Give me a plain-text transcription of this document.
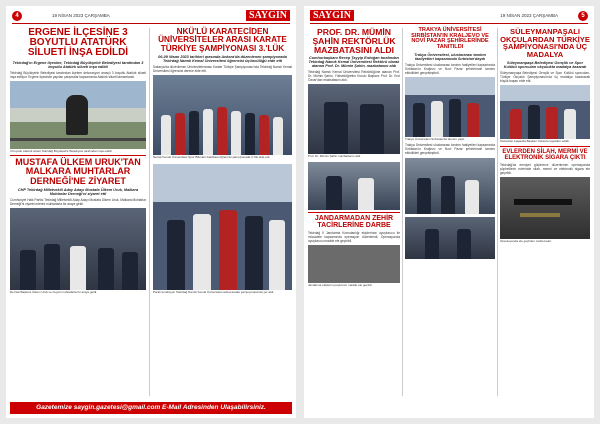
4	19 NİSAN 2023 ÇARŞAMBA	SAYGIN
ERGENE İLÇESİNE 3 BOYUTLU ATATÜRK SİLUETİ İNŞA EDİLDİ
Tekirdağ'ın Ergene ilçesine, Tekirdağ Büyükşehir Belediyesi tarafından 3 boyutlu Atatürk silueti inşa edildi
Tekirdağ Büyükşehir Belediyesi tarafından ilçelere dekorasyon amaçlı 3 boyutlu Atatürk silueti inşa ediliyor. Ergene ilçesinde yapılan çalışmalar kapsamında Atatürk silueti tamamlandı.
3 boyutlu Atatürk silueti Tekirdağ Büyükşehir Belediyesi tarafından inşa edildi.
MUSTAFA ÜLKEM URUK'TAN MALKARA MUHTARLAR DERNEĞİ'NE ZİYARET
CHP Tekirdağ Milletvekili Aday Adayı Mustafa Ülkem Uruk, Malkara Muhtarlar Derneği'ni ziyaret etti
Cumhuriyet Halk Partisi Tekirdağ Milletvekili Aday Adayı Mustafa Ülkem Uruk, Malkara Muhtarlar Derneği'ni ziyaret ederek muhtarlarla bir araya geldi.
Dernek Başkanı Ülkem Uruk ve heyeti muhtarlarla bir araya geldi.
NKÜ'LÜ KARATECİDEN ÜNİVERSİTELER ARASI KARATE TÜRKİYE ŞAMPİYONASI 3.'LÜK
06-09 Nisan 2023 tarihleri arasında Ankara'da düzenlenen şampiyonada Tekirdağ Namık Kemal Üniversitesi öğrencisi üçüncülüğü elde etti
Sakarya'da düzenlenen Üniversitelerarası Karate Türkiye Şampiyonası'nda Tekirdağ Namık Kemal Üniversitesi öğrencisi derece elde etti.
Namık Kemal Üniversitesi Spor Bilimleri Fakültesi öğrencisi şampiyonada 3.'lük elde etti.
Paralı kondisyon Tekirdağ Namık Kemal Üniversitesi adına karate şampiyonasında yer aldı.
Gazetemize saygin.gazetesi@gmail.com E-Mail Adresinden Ulaşabilirsiniz.
SAYGIN	19 NİSAN 2023 ÇARŞAMBA	5
PROF. DR. MÜMİN ŞAHİN REKTÖRLÜK MAZBATASINI ALDI
Cumhurbaşkanı Recep Tayyip Erdoğan tarafından Tekirdağ Namık Kemal Üniversitesi Rektörü olarak atanan Prof. Dr. Mümin Şahin, mazbatasını aldı
Tekirdağ Namık Kemal Üniversitesi Rektörlüğüne atanan Prof. Dr. Mümin Şahin, Yükseköğretim Kurulu Başkanı Prof. Dr. Erol Özvar'dan mazbatasını aldı.
Prof. Dr. Mümin Şahin mazbatasını aldı.
JANDARMADAN ZEHİR TACİRLERİNE DARBE
Tekirdağ İl Jandarma Komutanlığı ekiplerince uyuşturucu ile mücadele kapsamında operasyon düzenlendi. Operasyonda uyuşturucu madde ele geçirildi.
Jandarma ekipleri uyuşturucu madde ele geçirdi.
TRAKYA ÜNİVERSİTESİ SIRBİSTAN'IN KRALJEVO VE NOVİ PAZAR ŞEHİRLERİNDE TANITILDI
Trakya Üniversitesi, uluslararası tanıtım faaliyetleri kapsamında Sırbistan'daydı
Trakya Üniversitesi uluslararası tanıtım faaliyetleri kapsamında Sırbistan'ın Kraljevo ve Novi Pazar şehirlerinde tanıtım etkinlikleri gerçekleştirdi.
Trakya Üniversitesi Sırbistan'da tanıtım yaptı.
Trakya Üniversitesi uluslararası tanıtım faaliyetleri kapsamında Sırbistan'ın Kraljevo ve Novi Pazar şehirlerinde tanıtım etkinlikleri gerçekleştirdi.
SÜLEYMANPAŞALI OKÇULARDAN TÜRKİYE ŞAMPİYONASI'NDA ÜÇ MADALYA
Süleymanpaşa Belediyesi Gençlik ve Spor Kulübü sporcuları okçulukta madalya kazandı
Süleymanpaşa Belediyesi Gençlik ve Spor Kulübü sporcuları, Türkiye Okçuluk Şampiyonası'nda üç madalya kazanarak büyük başarı elde etti.
Kazanılan başarıda Başkan Yüksel'e teşekkür edildi.
EVLERDEN SİLAH, MERMİ VE ELEKTRONİK SİGARA ÇIKTI
Tekirdağ'da emniyet güçlerince düzenlenen operasyonda şüphelilerin evlerinde silah, mermi ve elektronik sigara ele geçirildi.
Operasyonda ele geçirilen malzemeler.
